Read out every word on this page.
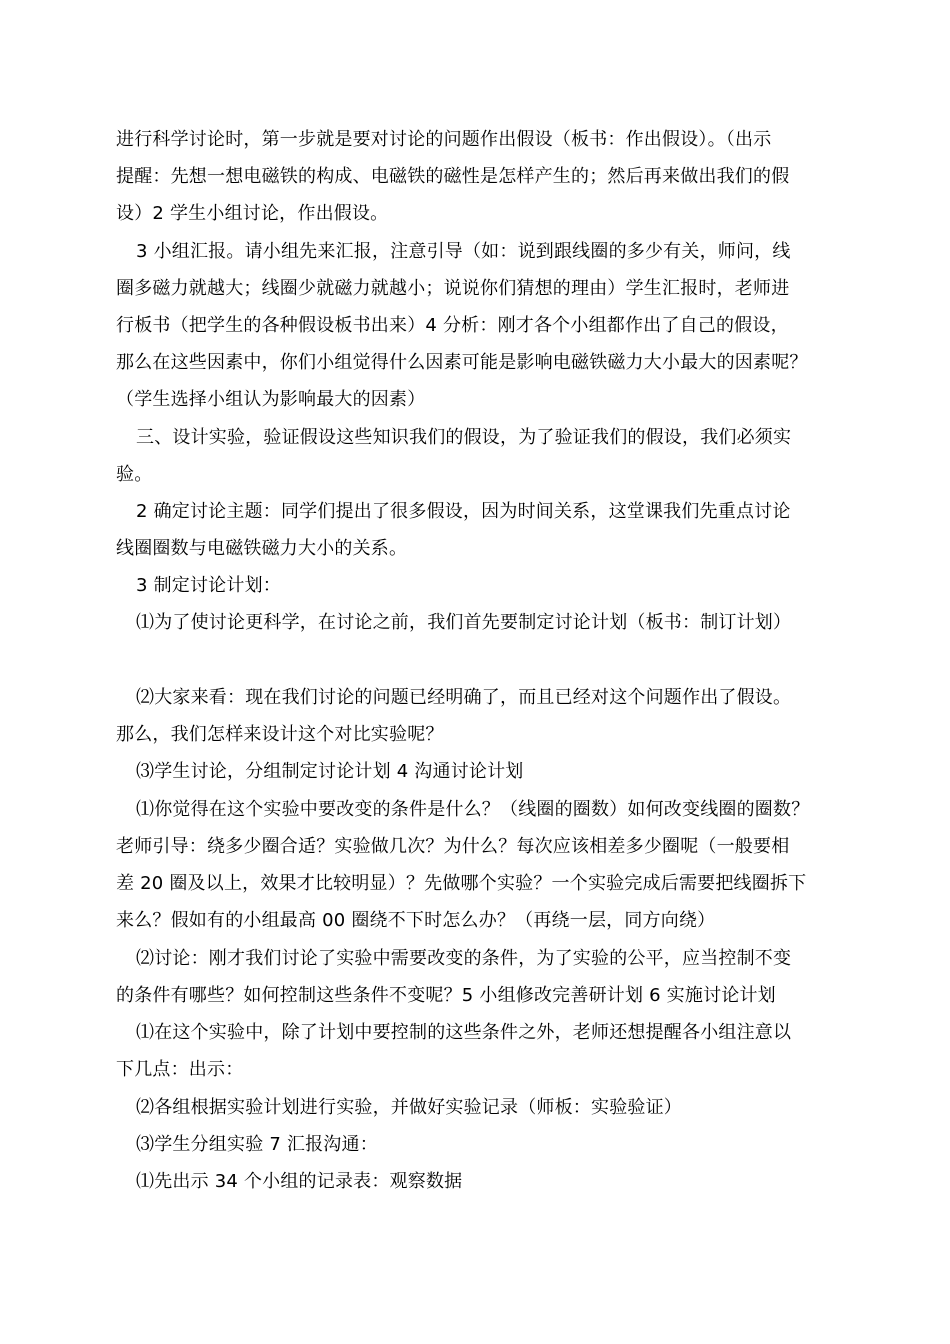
进行科学讨论时，第一步就是要对讨论的问题作出假设（板书：作出假设）。（出示
提醒：先想一想电磁铁的构成、电磁铁的磁性是怎样产生的；然后再来做出我们的假
设）2 学生小组讨论，作出假设。
3 小组汇报。请小组先来汇报，注意引导（如：说到跟线圈的多少有关，师问，线
圈多磁力就越大；线圈少就磁力就越小；说说你们猜想的理由）学生汇报时，老师进
行板书（把学生的各种假设板书出来）4 分析：刚才各个小组都作出了自己的假设，
那么在这些因素中，你们小组觉得什么因素可能是影响电磁铁磁力大小最大的因素呢？
（学生选择小组认为影响最大的因素）
三、设计实验，验证假设这些知识我们的假设，为了验证我们的假设，我们必须实
验。
2 确定讨论主题：同学们提出了很多假设，因为时间关系，这堂课我们先重点讨论
线圈圈数与电磁铁磁力大小的关系。
3 制定讨论计划：
⑴为了使讨论更科学，在讨论之前，我们首先要制定讨论计划（板书：制订计划）
⑵大家来看：现在我们讨论的问题已经明确了，而且已经对这个问题作出了假设。
那么，我们怎样来设计这个对比实验呢？
⑶学生讨论，分组制定讨论计划 4 沟通讨论计划
⑴你觉得在这个实验中要改变的条件是什么？（线圈的圈数）如何改变线圈的圈数？
老师引导：绕多少圈合适？实验做几次？为什么？每次应该相差多少圈呢（一般要相
差 20 圈及以上，效果才比较明显）？先做哪个实验？一个实验完成后需要把线圈拆下
来么？假如有的小组最高 00 圈绕不下时怎么办？（再绕一层，同方向绕）
⑵讨论：刚才我们讨论了实验中需要改变的条件，为了实验的公平，应当控制不变
的条件有哪些？如何控制这些条件不变呢？5 小组修改完善研计划 6 实施讨论计划
⑴在这个实验中，除了计划中要控制的这些条件之外，老师还想提醒各小组注意以
下几点：出示：
⑵各组根据实验计划进行实验，并做好实验记录（师板：实验验证）
⑶学生分组实验 7 汇报沟通：
⑴先出示 34 个小组的记录表：观察数据
